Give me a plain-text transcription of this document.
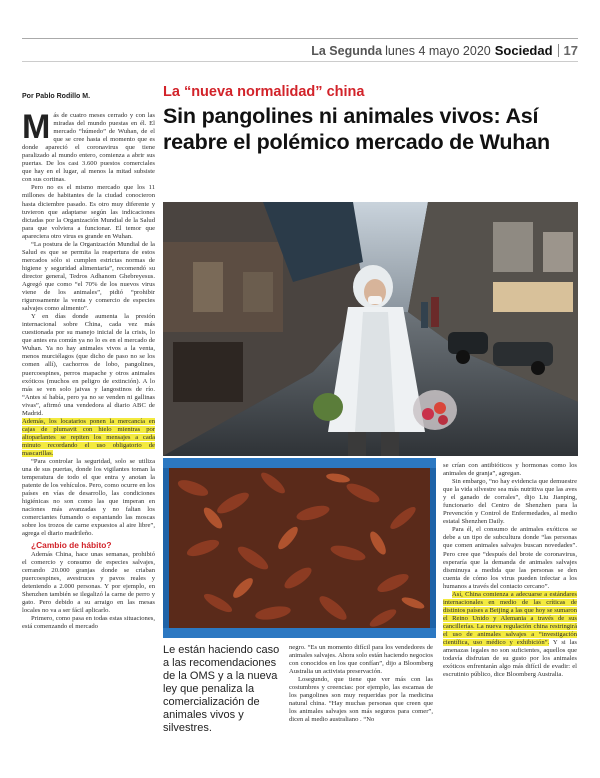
La Segunda lunes 4 mayo 2020 Sociedad 17
Por Pablo Rodillo M.	La “nueva normalidad” china
Sin pangolines ni animales vivos: Así reabre el polémico mercado de Wuhan

Más de cuatro meses cerrado y con las miradas del mundo puestas en él. El mercado “húmedo” de Wuhan, de el que se cree hasta el momento que es donde apareció el coronavirus que tiene paralizado al mundo entero, comienza a abrir sus puertas. De los casi 3.600 puestos comerciales que hay en el lugar, al menos la mitad subsiste con sus cortinas.

Pero no es el mismo mercado que los 11 millones de habitantes de la ciudad conocieron hasta diciembre pasado. Es otro muy diferente y tuvieron que adaptarse según las indicaciones dictadas por la Organización Mundial de la Salud para que volviera a funcionar. El temor que apareciera otro virus es grande en Wuhan.

“La postura de la Organización Mundial de la Salud es que se permita la reapertura de estos mercados sólo si cumplen estrictas normas de higiene y seguridad alimentaria”, recomendó su director general, Tedros Adhanom Ghebreyesus. Agregó que como “el 70% de los nuevos virus viene de los animales”, pidió “prohibir rigurosamente la venta y comercio de especies salvajes como alimento”.

Y en días donde aumenta la presión internacional sobre China, cada vez más cuestionada por su manejo inicial de la crisis, lo que antes era común ya no lo es en el mercado de Wuhan. Ya no hay animales vivos a la venta, menos murciélagos (que dicho de paso no se los comen allí), cachorros de lobo, pangolines, puercoespines, perros mapache y otros animales exóticos (muchos en peligro de extinción). A lo más se ven solo jaivas y langostinos de río. “Antes sí había, pero ya no se venden ni gallinas vivas”, afirmó una vendedora al diario ABC de Madrid.

Además, los locatarios ponen la mercancía en cajas de plumavit con hielo mientras por altoparlantes se repiten los mensajes a cada minuto recordando el uso obligatorio de mascarillas.

“Para controlar la seguridad, solo se utiliza una de sus puertas, donde los vigilantes toman la temperatura de todo el que entra y anotan la patente de los vehículos. Pero, como ocurre en los países en vías de desarrollo, las condiciones higiénicas no son como las que imperan en naciones más avanzadas y no faltan los comerciantes fumando o espantando las moscas sobre los trozos de carne expuestos al aire libre”, agrega el diario madrileño.

¿Cambio de hábito?

Además China, hace unas semanas, prohibió el comercio y consumo de especies salvajes, cerrando 20.000 granjas donde se criaban puercoespines, avestruces y pavos reales y deteniendo a 2.000 personas. Y por ejemplo, en Shenzhen también se ilegalizó la carne de perro y gato. Pero debido a su arraigo en las mesas locales no va a ser fácil aplicarlo.

Primero, como pasa en todas estas situaciones, está comenzando el mercado

Le están haciendo caso a las recomendaciones de la OMS y a la nueva ley que penaliza la comercialización de animales vivos y silvestres.

negro. “Es un momento difícil para los vendedores de animales salvajes. Ahora solo están haciendo negocios con conocidos en los que confían”, dijo a Bloomberg Australia un activista preservación.

Losegundo, que tiene que ver más con las costumbres y creencias: por ejemplo, las escamas de los pangolines son muy requeridas por la medicina natural china. “Hay muchas personas que creen que los animales salvajes son más seguros para comer”, dicen al medio australiano . “No

se crían con antibióticos y hormonas como los animales de granja”, agregan.

Sin embargo, “no hay evidencia que demuestre que la vida silvestre sea más nutritiva que las aves y el ganado de corrales”, dijo Liu Jianping, funcionario del Centro de Shenzhen para la Prevención y Control de Enfermedades, al medio estatal Shenzhen Daily.

Para él, el consumo de animales exóticos se debe a un tipo de subcultura donde “las personas que comen animales salvajes buscan novedades”. Pero cree que “después del brote de coronavirus, esperaría que la demanda de animales salvajes disminuya a medida que las personas se den cuenta de cómo los virus pueden infectar a los humanos a través del contacto cercano”.

Así, China comienza a adecuarse a estándares internacionales en medio de las críticas de distintos países a Beijing a las que hoy se sumaron el Reino Unido y Alemania a través de sus cancillerías. La nueva regulación china restringirá el uso de animales salvajes a “investigación científica, uso médico y exhibición”. Y si las amenazas legales no son suficientes, aquellos que todavía disfrutan de su gusto por los animales exóticos enfrentarán algo más difícil de evadir: el escrutinio público, dice Bloomberg Australia.
